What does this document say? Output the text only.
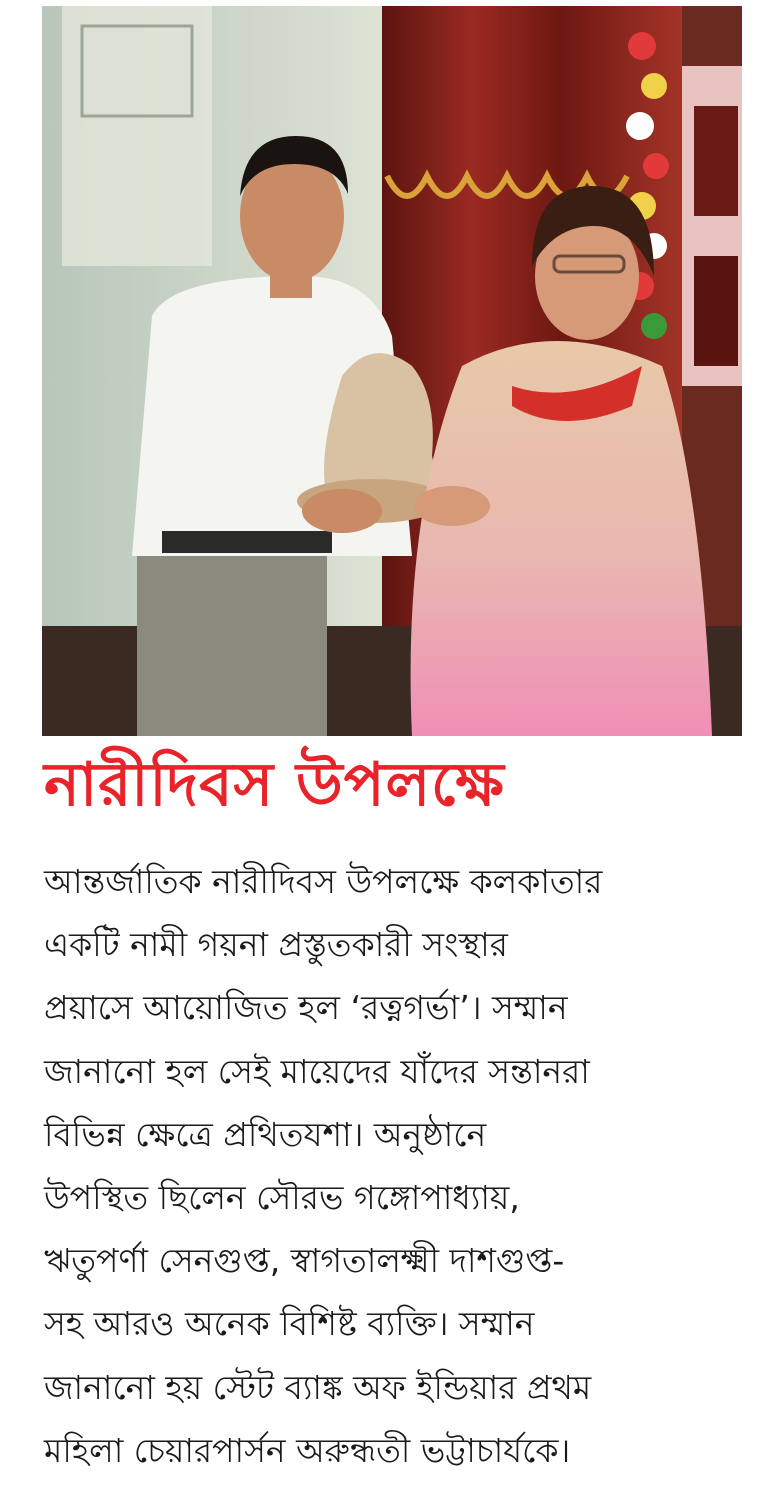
নারীদিবস উপলক্ষে
আন্তর্জাতিক নারীদিবস উপলক্ষে কলকাতার
একটি নামী গয়না প্রস্তুতকারী সংস্থার
প্রয়াসে আয়োজিত হল ‘রত্নগর্ভা’। সম্মান
জানানো হল সেই মায়েদের যাঁদের সন্তানরা
বিভিন্ন ক্ষেত্রে প্রথিতযশা। অনুষ্ঠানে
উপস্থিত ছিলেন সৌরভ গঙ্গোপাধ্যায়,
ঋতুপর্ণা সেনগুপ্ত, স্বাগতালক্ষ্মী দাশগুপ্ত-
সহ আরও অনেক বিশিষ্ট ব্যক্তি। সম্মান
জানানো হয় স্টেট ব্যাঙ্ক অফ ইন্ডিয়ার প্রথম
মহিলা চেয়ারপার্সন অরুন্ধতী ভট্টাচার্যকে।
